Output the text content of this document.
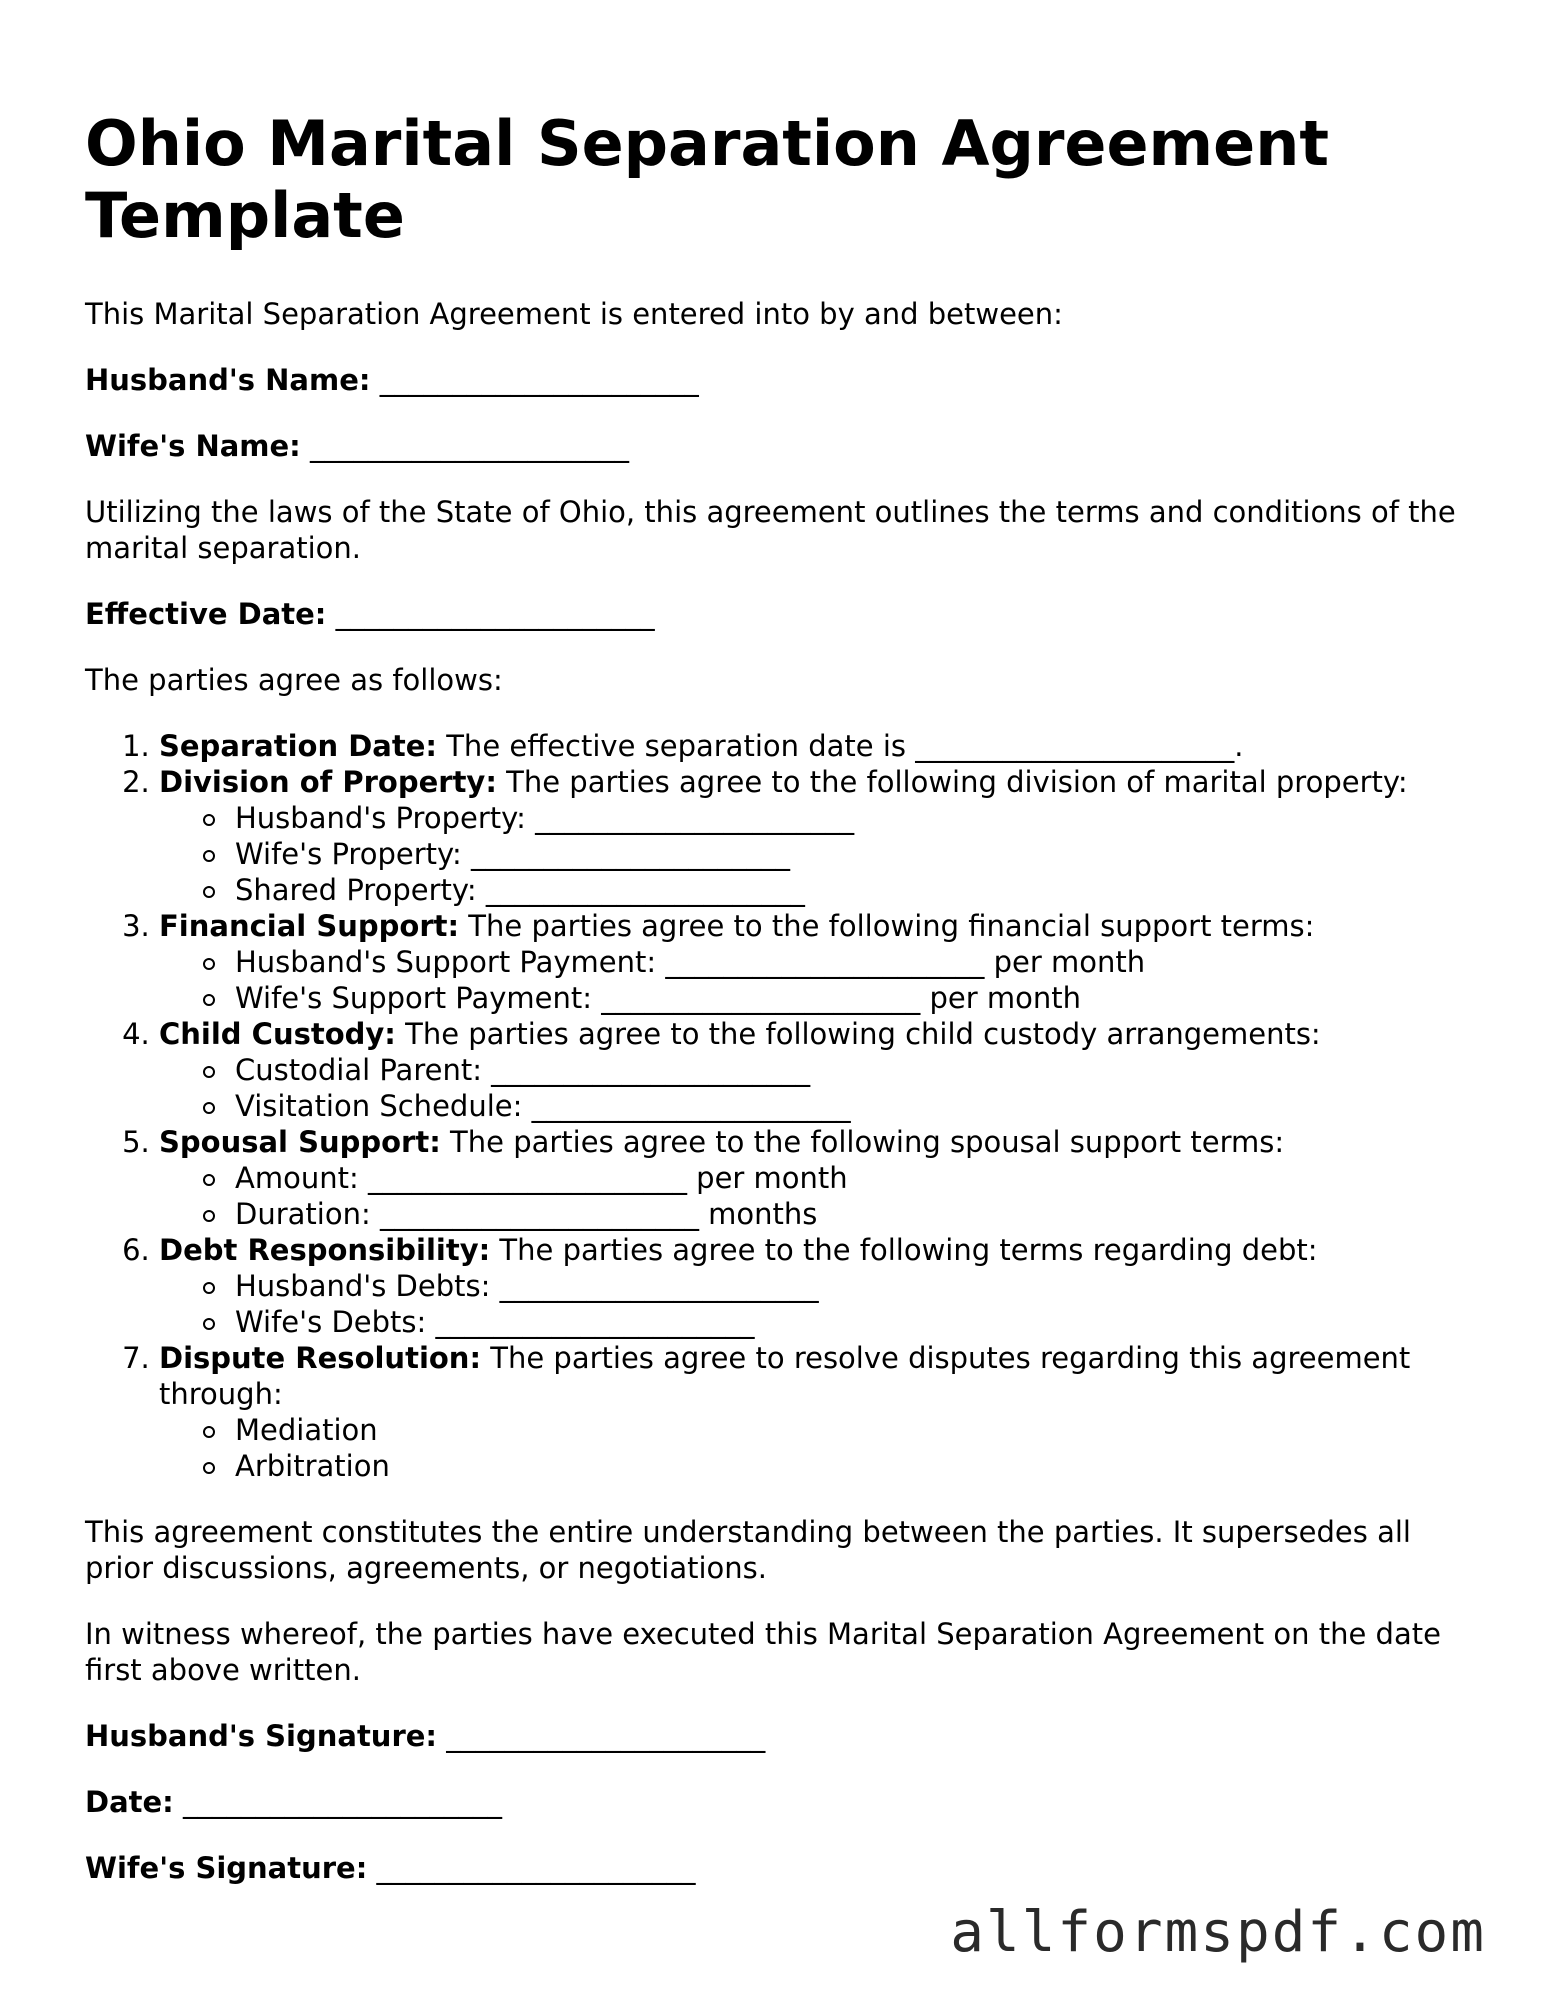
Ohio Marital Separation Agreement Template

This Marital Separation Agreement is entered into by and between:

Husband's Name: ______________________
Wife's Name: ______________________

Utilizing the laws of the State of Ohio, this agreement outlines the terms and conditions of the marital separation.

Effective Date: ______________________

The parties agree as follows:

1. Separation Date: The effective separation date is ______________________.
2. Division of Property: The parties agree to the following division of marital property:
Husband's Property: ______________________
Wife's Property: ______________________
Shared Property: ______________________
3. Financial Support: The parties agree to the following financial support terms:
Husband's Support Payment: ______________________ per month
Wife's Support Payment: ______________________ per month
4. Child Custody: The parties agree to the following child custody arrangements:
Custodial Parent: ______________________
Visitation Schedule: ______________________
5. Spousal Support: The parties agree to the following spousal support terms:
Amount: ______________________ per month
Duration: ______________________ months
6. Debt Responsibility: The parties agree to the following terms regarding debt:
Husband's Debts: ______________________
Wife's Debts: ______________________
7. Dispute Resolution: The parties agree to resolve disputes regarding this agreement through:
Mediation
Arbitration

This agreement constitutes the entire understanding between the parties. It supersedes all prior discussions, agreements, or negotiations.

In witness whereof, the parties have executed this Marital Separation Agreement on the date first above written.

Husband's Signature: ______________________
Date: ______________________
Wife's Signature: ______________________
allformspdf.com
